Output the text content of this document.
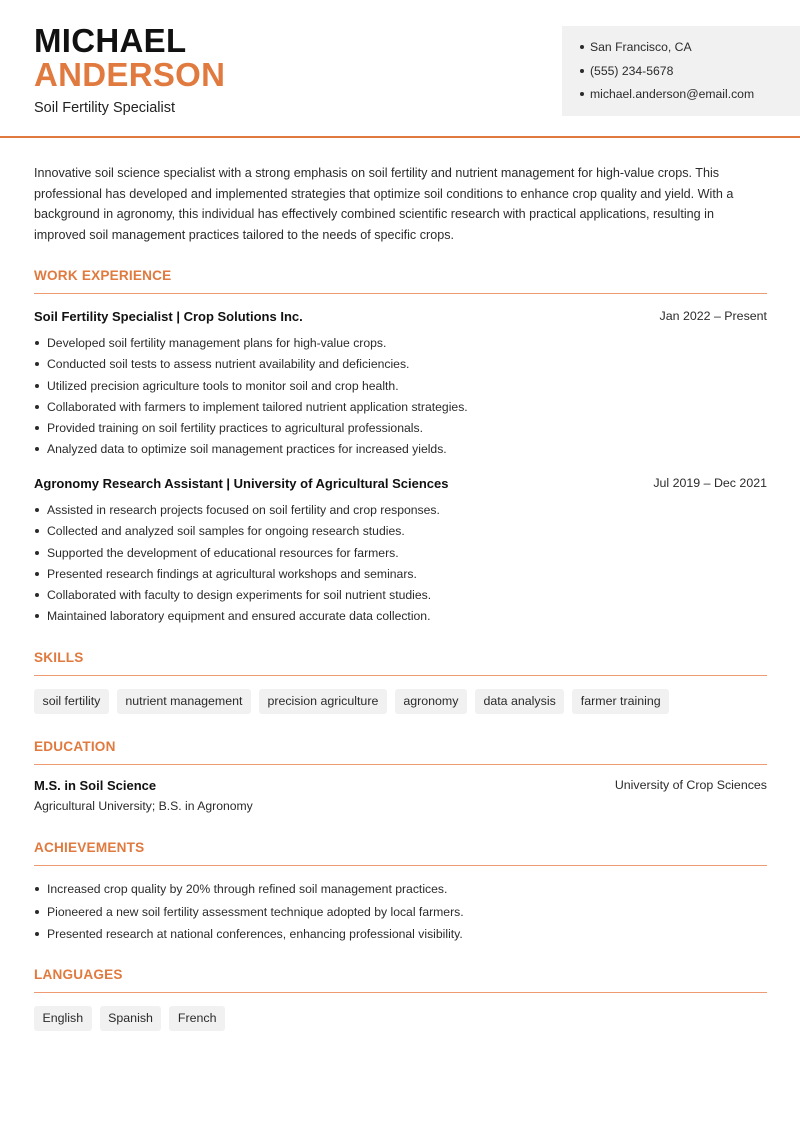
MICHAEL
ANDERSON
Soil Fertility Specialist
San Francisco, CA
(555) 234-5678
michael.anderson@email.com
Innovative soil science specialist with a strong emphasis on soil fertility and nutrient management for high-value crops. This professional has developed and implemented strategies that optimize soil conditions to enhance crop quality and yield. With a background in agronomy, this individual has effectively combined scientific research with practical applications, resulting in improved soil management practices tailored to the needs of specific crops.
WORK EXPERIENCE
Soil Fertility Specialist | Crop Solutions Inc.	Jan 2022 – Present
Developed soil fertility management plans for high-value crops.
Conducted soil tests to assess nutrient availability and deficiencies.
Utilized precision agriculture tools to monitor soil and crop health.
Collaborated with farmers to implement tailored nutrient application strategies.
Provided training on soil fertility practices to agricultural professionals.
Analyzed data to optimize soil management practices for increased yields.
Agronomy Research Assistant | University of Agricultural Sciences	Jul 2019 – Dec 2021
Assisted in research projects focused on soil fertility and crop responses.
Collected and analyzed soil samples for ongoing research studies.
Supported the development of educational resources for farmers.
Presented research findings at agricultural workshops and seminars.
Collaborated with faculty to design experiments for soil nutrient studies.
Maintained laboratory equipment and ensured accurate data collection.
SKILLS
soil fertility	nutrient management	precision agriculture	agronomy	data analysis	farmer training
EDUCATION
M.S. in Soil Science	University of Crop Sciences
Agricultural University; B.S. in Agronomy
ACHIEVEMENTS
Increased crop quality by 20% through refined soil management practices.
Pioneered a new soil fertility assessment technique adopted by local farmers.
Presented research at national conferences, enhancing professional visibility.
LANGUAGES
English	Spanish	French
